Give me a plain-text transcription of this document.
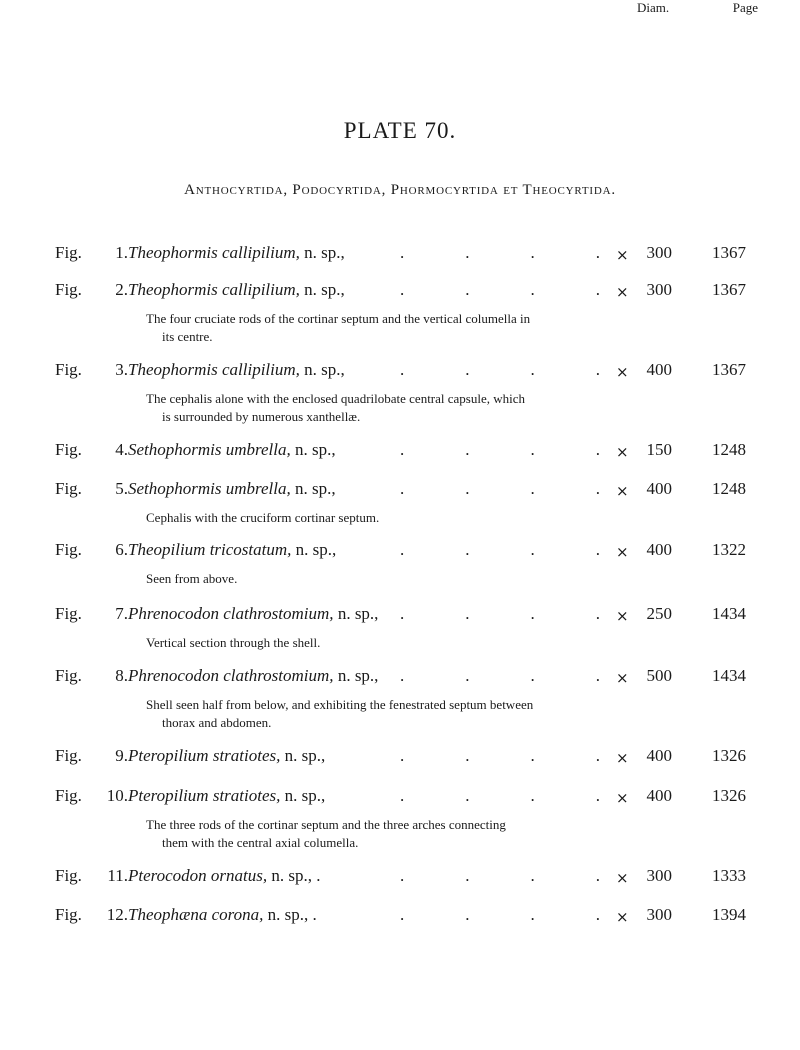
PLATE 70.
Anthocyrtida, Podocyrtida, Phormocyrtida et Theocyrtida.
Diam.	Page
Fig. 1. Theophormis callipilium, n. sp.,	.	.	.	. ×	300	1367
Fig. 2. Theophormis callipilium, n. sp.,	.	.	.	. ×	300	1367
The four cruciate rods of the cortinar septum and the vertical columella in
its centre.
Fig. 3. Theophormis callipilium, n. sp.,	.	.	.	. ×	400	1367
The cephalis alone with the enclosed quadrilobate central capsule, which
is surrounded by numerous xanthellæ.
Fig. 4. Sethophormis umbrella, n. sp.,	.	.	.	. ×	150	1248
Fig. 5. Sethophormis umbrella, n. sp.,	.	.	.	. ×	400	1248
Cephalis with the cruciform cortinar septum.
Fig. 6. Theopilium tricostatum, n. sp.,	.	.	.	. ×	400	1322
Seen from above.
Fig. 7. Phrenocodon clathrostomium, n. sp., .	.	.	. ×	250	1434
Vertical section through the shell.
Fig. 8. Phrenocodon clathrostomium, n. sp., .	.	.	. ×	500	1434
Shell seen half from below, and exhibiting the fenestrated septum between
thorax and abdomen.
Fig. 9. Pteropilium stratiotes, n. sp.,	.	.	.	. ×	400	1326
Fig. 10. Pteropilium stratiotes, n. sp.,	.	.	.	. ×	400	1326
The three rods of the cortinar septum and the three arches connecting
them with the central axial columella.
Fig. 11. Pterocodon ornatus, n. sp., .	.	.	.	. ×	300	1333
Fig. 12. Theophæna corona, n. sp., .	.	.	.	. ×	300	1394
